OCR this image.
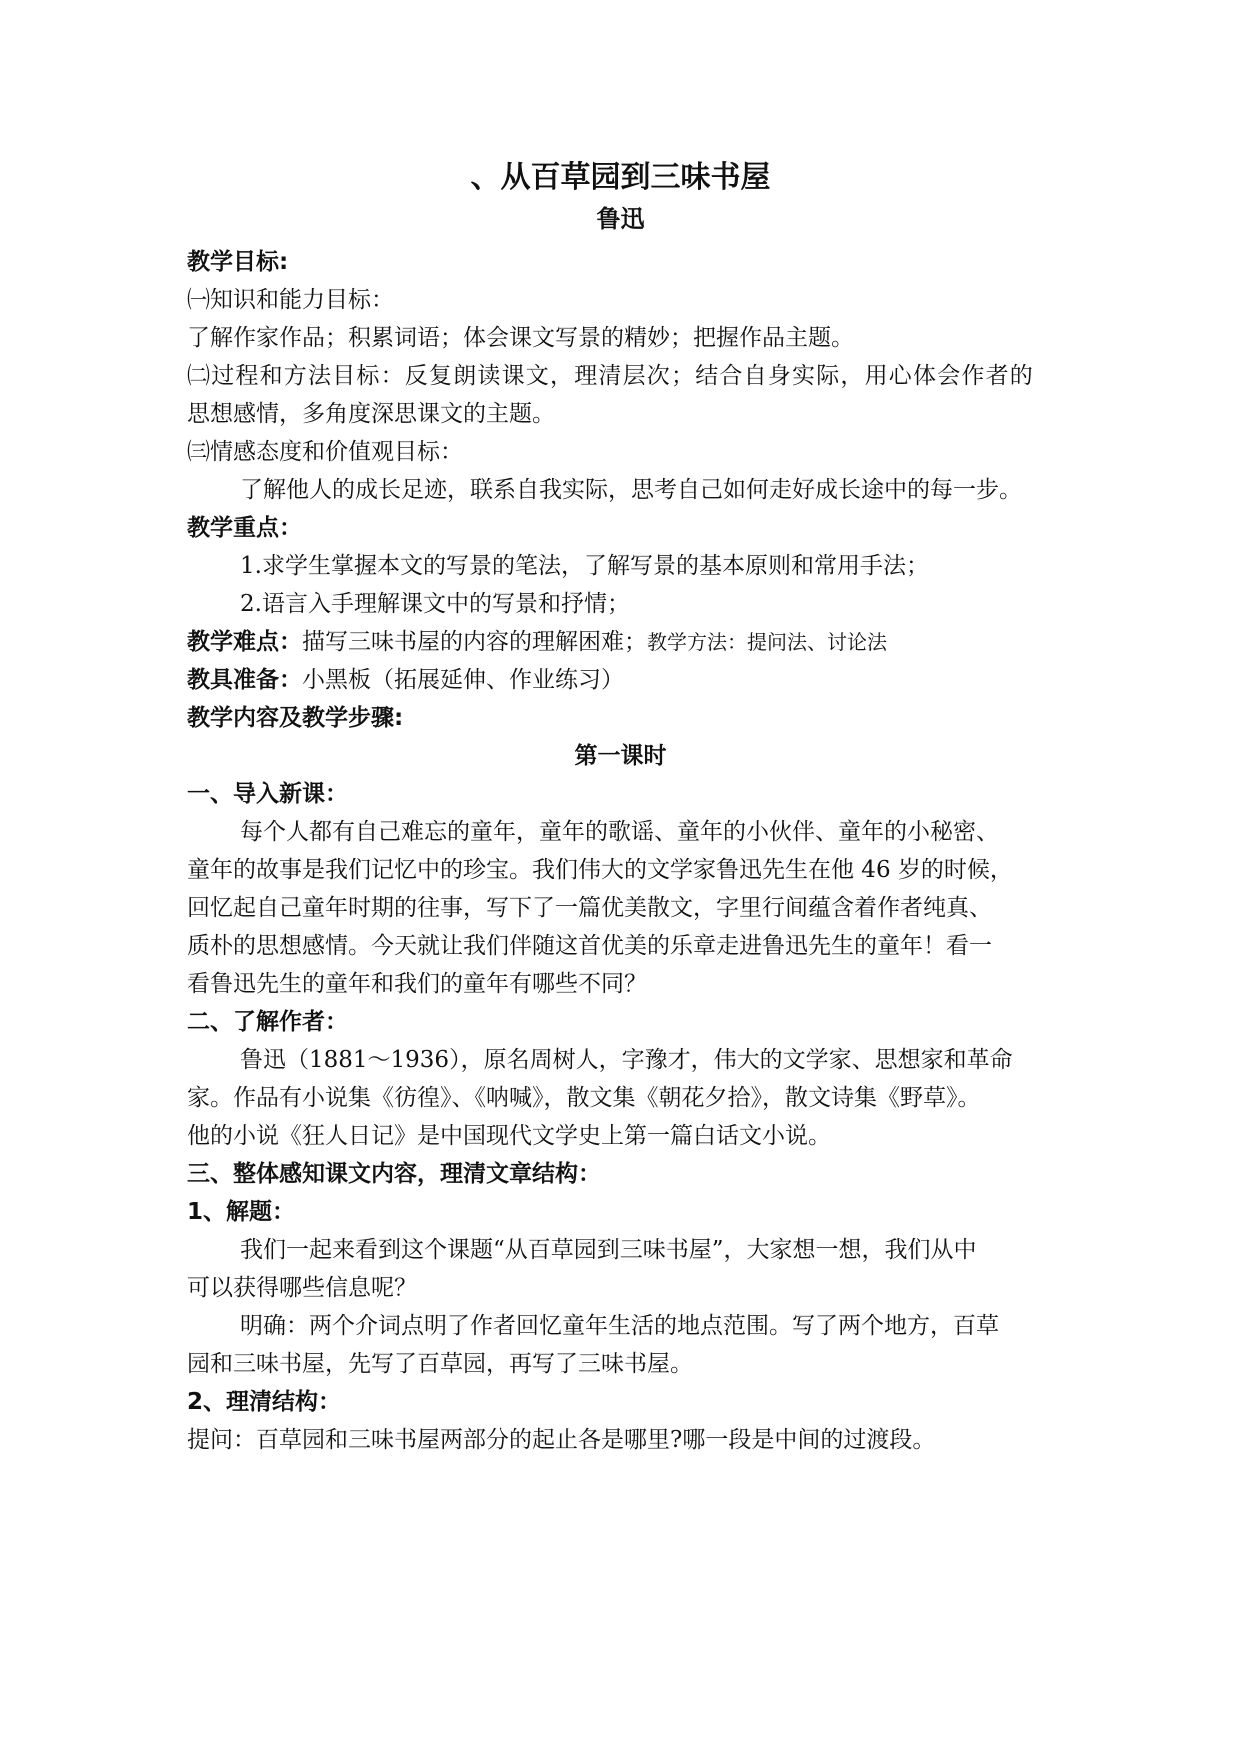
、从百草园到三味书屋
鲁迅
教学目标:
㈠知识和能力目标：
了解作家作品；积累词语；体会课文写景的精妙；把握作品主题。
㈡过程和方法目标：反复朗读课文，理清层次；结合自身实际，用心体会作者的
思想感情，多角度深思课文的主题。
㈢情感态度和价值观目标：
了解他人的成长足迹，联系自我实际，思考自己如何走好成长途中的每一步。
教学重点：
1.求学生掌握本文的写景的笔法，了解写景的基本原则和常用手法；
2.语言入手理解课文中的写景和抒情；
教学难点：描写三味书屋的内容的理解困难；教学方法：提问法、讨论法
教具准备：小黑板（拓展延伸、作业练习）
教学内容及教学步骤:
第一课时
一、导入新课：
每个人都有自己难忘的童年，童年的歌谣、童年的小伙伴、童年的小秘密、
童年的故事是我们记忆中的珍宝。我们伟大的文学家鲁迅先生在他 46 岁的时候，
回忆起自己童年时期的往事，写下了一篇优美散文，字里行间蕴含着作者纯真、
质朴的思想感情。今天就让我们伴随这首优美的乐章走进鲁迅先生的童年！看一
看鲁迅先生的童年和我们的童年有哪些不同？
二、了解作者：
鲁迅（1881～1936），原名周树人，字豫才，伟大的文学家、思想家和革命
家。作品有小说集《彷徨》、《呐喊》，散文集《朝花夕拾》，散文诗集《野草》。
他的小说《狂人日记》是中国现代文学史上第一篇白话文小说。
三、整体感知课文内容，理清文章结构：
1、解题：
我们一起来看到这个课题“从百草园到三味书屋”，大家想一想，我们从中
可以获得哪些信息呢？
明确：两个介词点明了作者回忆童年生活的地点范围。写了两个地方，百草
园和三味书屋，先写了百草园，再写了三味书屋。
2、理清结构：
提问：百草园和三味书屋两部分的起止各是哪里?哪一段是中间的过渡段。
